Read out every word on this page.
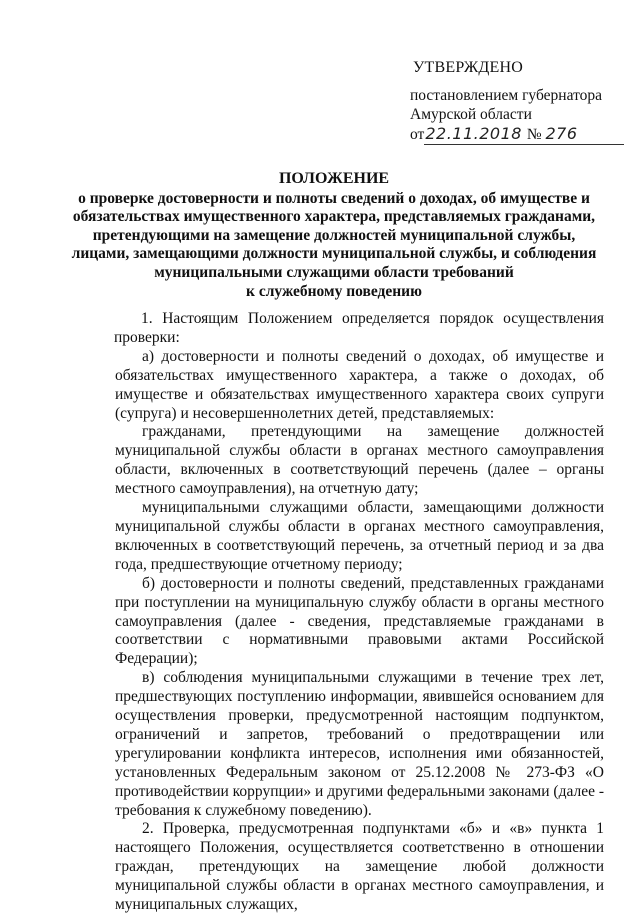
УТВЕРЖДЕНО
постановлением губернатора
Амурской области
от 22.11.2018 № 276
ПОЛОЖЕНИЕ
о проверке достоверности и полноты сведений о доходах, об имуществе и
обязательствах имущественного характера, представляемых гражданами,
претендующими на замещение должностей муниципальной службы,
лицами, замещающими должности муниципальной службы, и соблюдения
муниципальными служащими области требований
к служебному поведению

1. Настоящим Положением определяется порядок осуществления проверки:

а) достоверности и полноты сведений о доходах, об имуществе и обязательствах имущественного характера, а также о доходах, об имуществе и обязательствах имущественного характера своих супруги (супруга) и несовершеннолетних детей, представляемых:

гражданами, претендующими на замещение должностей муниципальной службы области в органах местного самоуправления области, включенных в соответствующий перечень (далее – органы местного самоуправления), на отчетную дату;

муниципальными служащими области, замещающими должности муниципальной службы области в органах местного самоуправления, включенных в соответствующий перечень, за отчетный период и за два года, предшествующие отчетному периоду;

б) достоверности и полноты сведений, представленных гражданами при поступлении на муниципальную службу области в органы местного самоуправления (далее - сведения, представляемые гражданами в соответствии с нормативными правовыми актами Российской Федерации);

в) соблюдения муниципальными служащими в течение трех лет, предшествующих поступлению информации, явившейся основанием для осуществления проверки, предусмотренной настоящим подпунктом, ограничений и запретов, требований о предотвращении или урегулировании конфликта интересов, исполнения ими обязанностей, установленных Федеральным законом от 25.12.2008 № 273-ФЗ «О противодействии коррупции» и другими федеральными законами (далее - требования к служебному поведению).

2. Проверка, предусмотренная подпунктами «б» и «в» пункта 1 настоящего Положения, осуществляется соответственно в отношении граждан, претендующих на замещение любой должности муниципальной службы области в органах местного самоуправления, и муниципальных служащих,
